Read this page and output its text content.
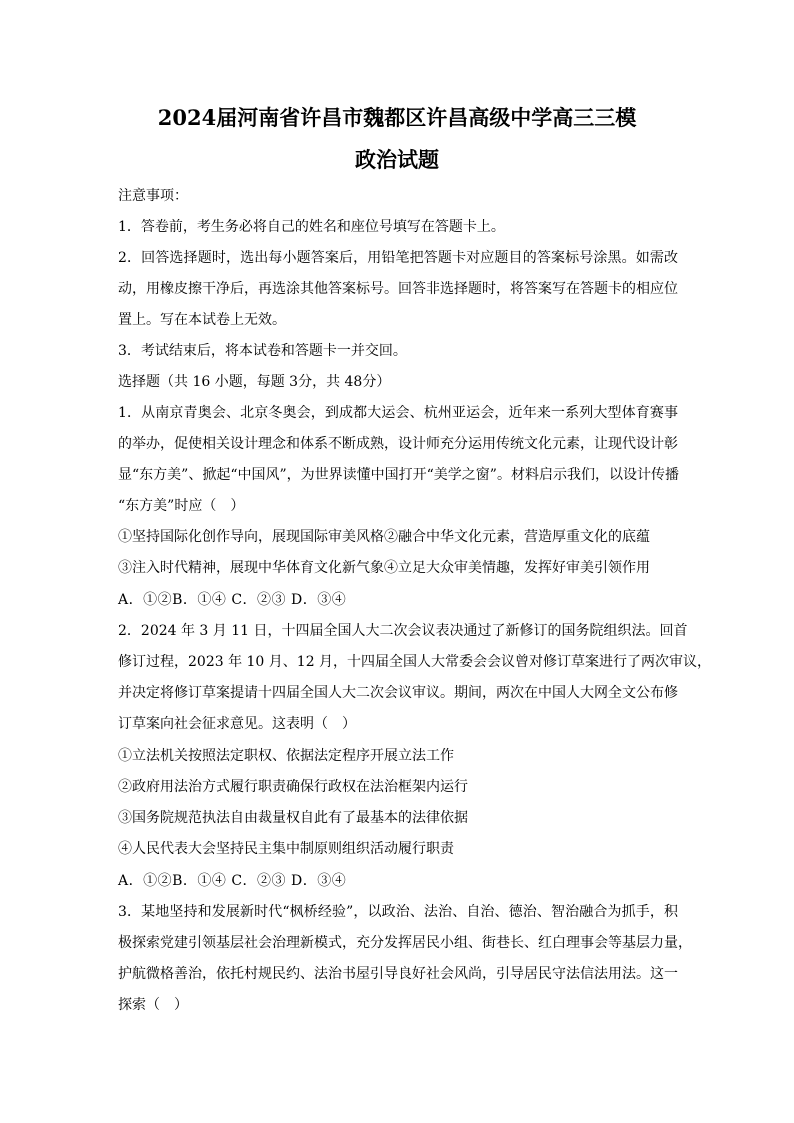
2024届河南省许昌市魏都区许昌高级中学高三三模
政治试题
注意事项：
1．答卷前，考生务必将自己的姓名和座位号填写在答题卡上。
2．回答选择题时，选出每小题答案后，用铅笔把答题卡对应题目的答案标号涂黑。如需改
动，用橡皮擦干净后，再选涂其他答案标号。回答非选择题时，将答案写在答题卡的相应位
置上。写在本试卷上无效。
3．考试结束后，将本试卷和答题卡一并交回。
选择题（共 16 小题，每题 3分，共 48分）
1．从南京青奥会、北京冬奥会，到成都大运会、杭州亚运会，近年来一系列大型体育赛事
的举办，促使相关设计理念和体系不断成熟，设计师充分运用传统文化元素，让现代设计彰
显“东方美”、掀起“中国风”，为世界读懂中国打开“美学之窗”。材料启示我们，以设计传播
“东方美”时应（　）
①坚持国际化创作导向，展现国际审美风格②融合中华文化元素，营造厚重文化的底蕴
③注入时代精神，展现中华体育文化新气象④立足大众审美情趣，发挥好审美引领作用
A．①②B．①④ C．②③ D．③④
2．2024 年 3 月 11 日，十四届全国人大二次会议表决通过了新修订的国务院组织法。回首
修订过程，2023 年 10 月、12 月，十四届全国人大常委会会议曾对修订草案进行了两次审议，
并决定将修订草案提请十四届全国人大二次会议审议。期间，两次在中国人大网全文公布修
订草案向社会征求意见。这表明（　）
①立法机关按照法定职权、依据法定程序开展立法工作
②政府用法治方式履行职责确保行政权在法治框架内运行
③国务院规范执法自由裁量权自此有了最基本的法律依据
④人民代表大会坚持民主集中制原则组织活动履行职责
A．①②B．①④ C．②③ D．③④
3．某地坚持和发展新时代“枫桥经验”，以政治、法治、自治、德治、智治融合为抓手，积
极探索党建引领基层社会治理新模式，充分发挥居民小组、街巷长、红白理事会等基层力量，
护航微格善治，依托村规民约、法治书屋引导良好社会风尚，引导居民守法信法用法。这一
探索（　）
